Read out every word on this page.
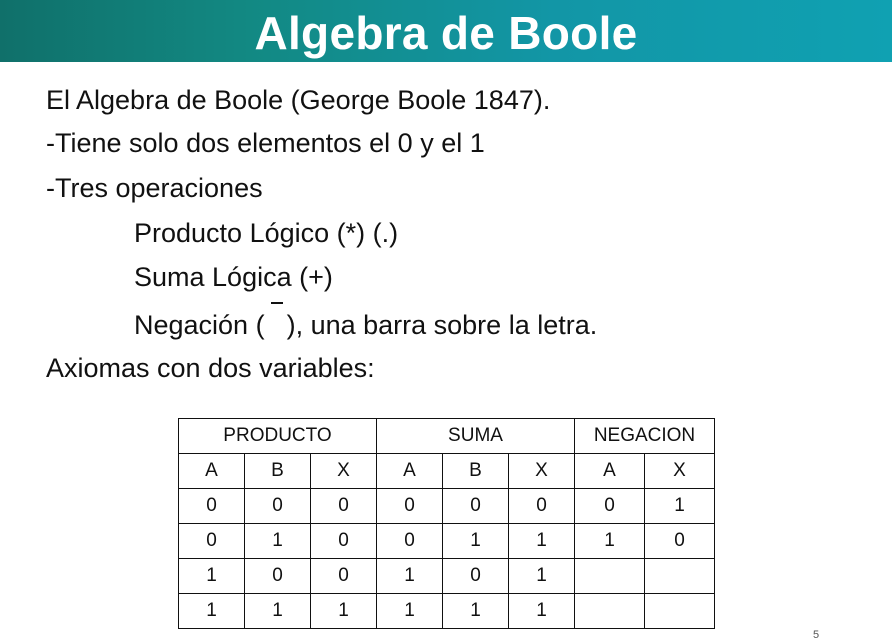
Algebra de Boole
El Algebra de Boole (George Boole 1847).
-Tiene solo dos elementos el 0 y el 1
-Tres operaciones
Producto Lógico (*) (.)
Suma Lógica (+)
Negación ( ), una barra sobre la letra.
Axiomas con dos variables:
PRODUCTO			SUMA			NEGACION	
A	B	X	A	B	X	A	X
0	0	0	0	0	0	0	1
0	1	0	0	1	1	1	0
1	0	0	1	0	1		
1	1	1	1	1	1		
5
